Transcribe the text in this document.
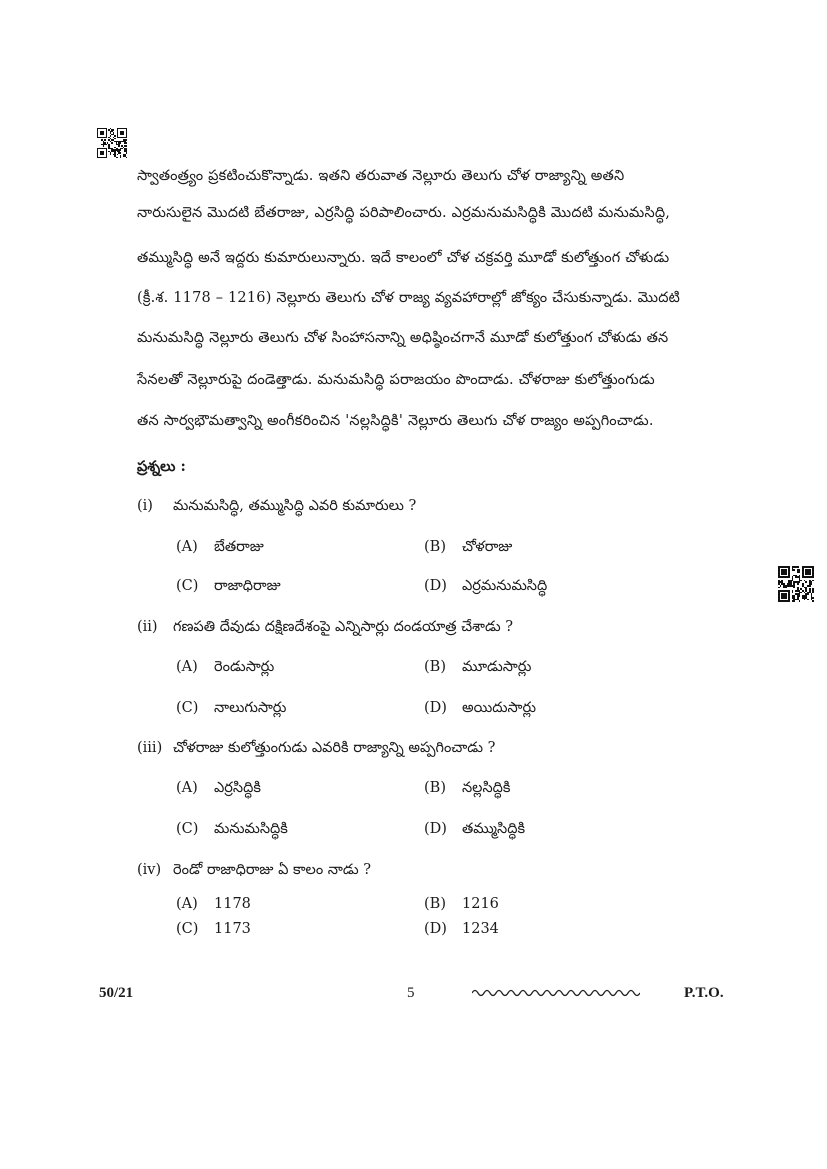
స్వాతంత్ర్యం ప్రకటించుకొన్నాడు. ఇతని తరువాత నెల్లూరు తెలుగు చోళ రాజ్యాన్ని అతని
నారుసులైన మొదటి బేతరాజు, ఎర్రసిద్ధి పరిపాలించారు. ఎర్రమనుమసిద్ధికి మొదటి మనుమసిద్ధి,
తమ్ముసిద్ధి అనే ఇద్దరు కుమారులున్నారు. ఇదే కాలంలో చోళ చక్రవర్తి మూడో కులోత్తుంగ చోళుడు
(క్రీ.శ. 1178 – 1216) నెల్లూరు తెలుగు చోళ రాజ్య వ్యవహారాల్లో జోక్యం చేసుకున్నాడు. మొదటి
మనుమసిద్ధి నెల్లూరు తెలుగు చోళ సింహాసనాన్ని అధిష్ఠించగానే మూడో కులోత్తుంగ చోళుడు తన
సేనలతో నెల్లూరుపై దండెత్తాడు. మనుమసిద్ధి పరాజయం పొందాడు. చోళరాజు కులోత్తుంగుడు
తన సార్వభౌమత్వాన్ని అంగీకరించిన 'నల్లసిద్ధికి' నెల్లూరు తెలుగు చోళ రాజ్యం అప్పగించాడు.
ప్రశ్నలు :
(i) మనుమసిద్ధి, తమ్ముసిద్ధి ఎవరి కుమారులు ?
(A) బేతరాజు	(B) చోళరాజు
(C) రాజాధిరాజు	(D) ఎర్రమనుమసిద్ధి
(ii) గణపతి దేవుడు దక్షిణదేశంపై ఎన్నిసార్లు దండయాత్ర చేశాడు ?
(A) రెండుసార్లు	(B) మూడుసార్లు
(C) నాలుగుసార్లు	(D) అయిదుసార్లు
(iii) చోళరాజు కులోత్తుంగుడు ఎవరికి రాజ్యాన్ని అప్పగించాడు ?
(A) ఎర్రసిద్ధికి	(B) నల్లసిద్ధికి
(C) మనుమసిద్ధికి	(D) తమ్ముసిద్ధికి
(iv) రెండో రాజాధిరాజు ఏ కాలం నాడు ?
(A) 1178	(B) 1216
(C) 1173	(D) 1234
50/21	5	P.T.O.
